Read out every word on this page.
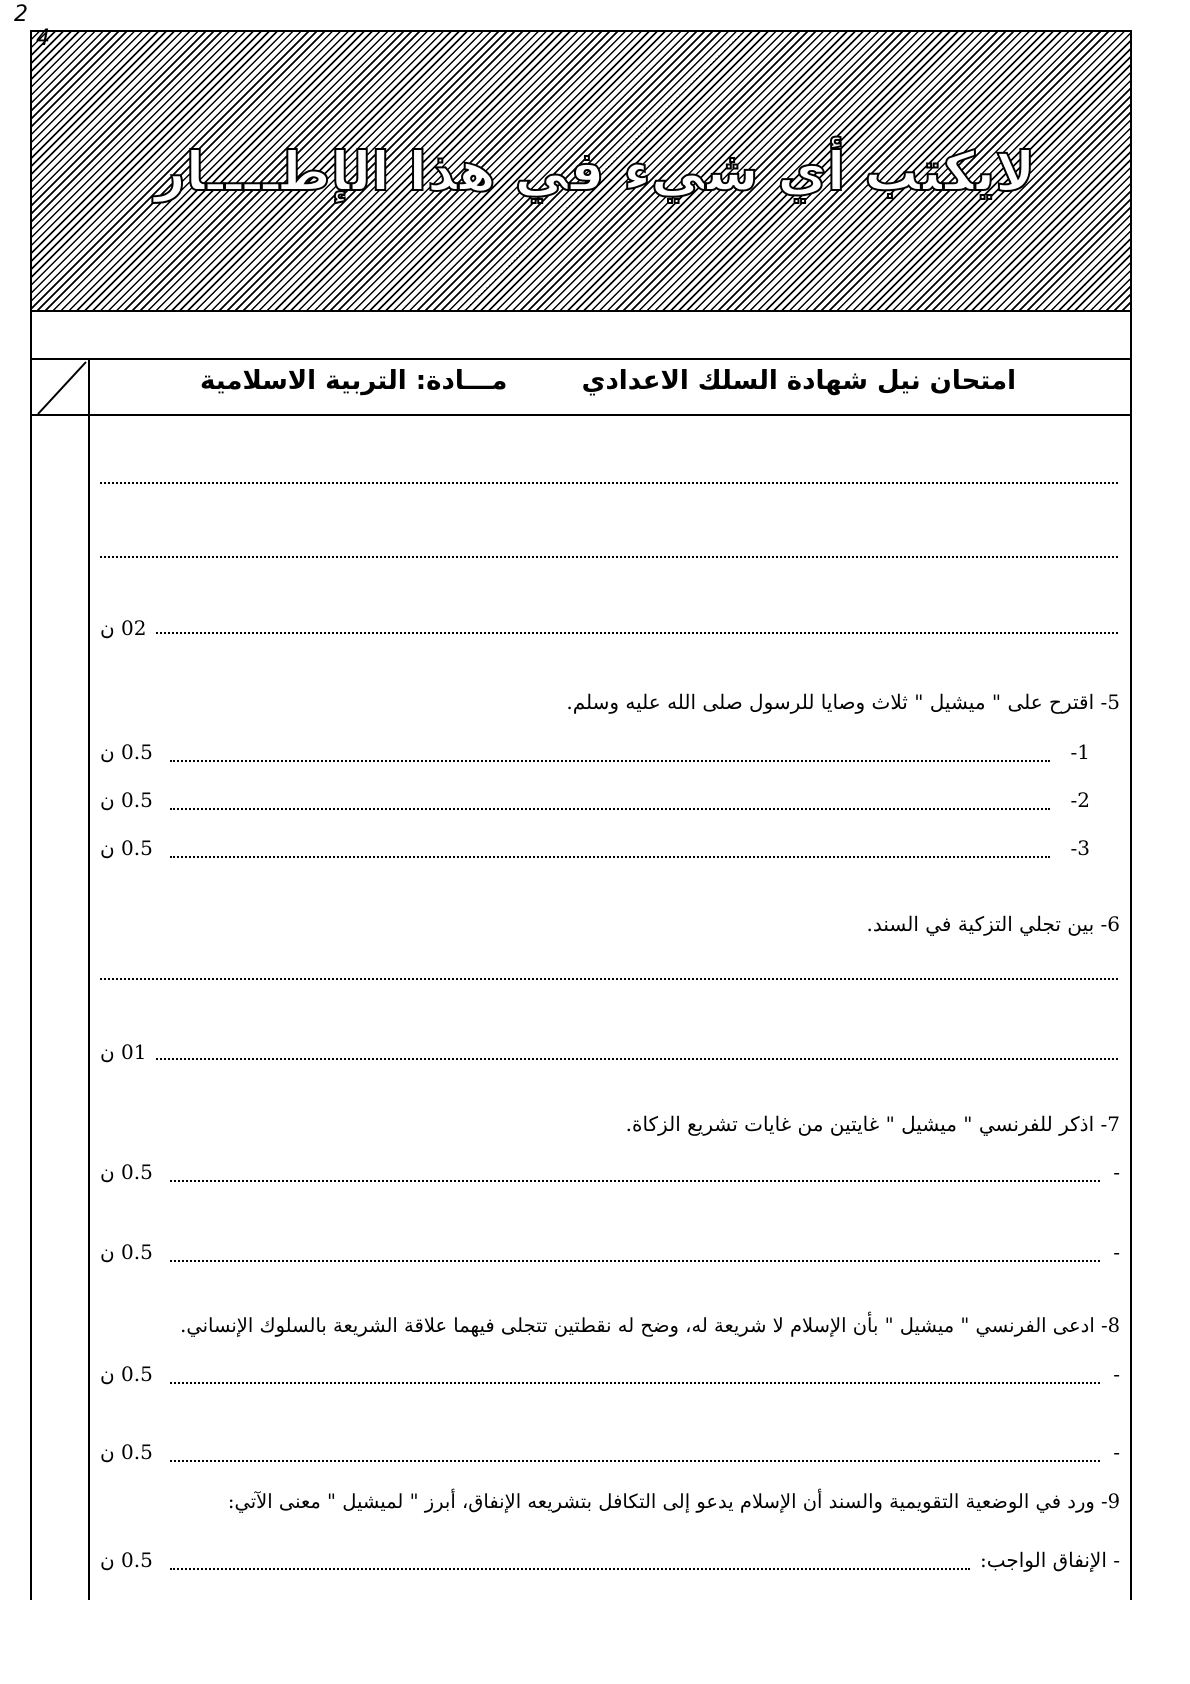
لايكتب أي شيء في هذا الإطــــار
2
4
امتحان نيل شهادة السلك الاعدادي
مـــادة: التربية الاسلامية
02 ن
5- اقترح على " ميشيل " ثلاث وصايا للرسول صلى الله عليه وسلم.
-1
0.5 ن
-2
0.5 ن
-3
0.5 ن
6- بين تجلي التزكية في السند.
01 ن
7- اذكر للفرنسي " ميشيل " غايتين من غايات تشريع الزكاة.
-
0.5 ن
-
0.5 ن
8- ادعى الفرنسي " ميشيل " بأن الإسلام لا شريعة له، وضح له نقطتين تتجلى فيهما علاقة الشريعة بالسلوك الإنساني.
-
0.5 ن
-
0.5 ن
9- ورد في الوضعية التقويمية والسند أن الإسلام يدعو إلى التكافل بتشريعه الإنفاق، أبرز " لميشيل " معنى الآتي:
- الإنفاق الواجب:
0.5 ن
